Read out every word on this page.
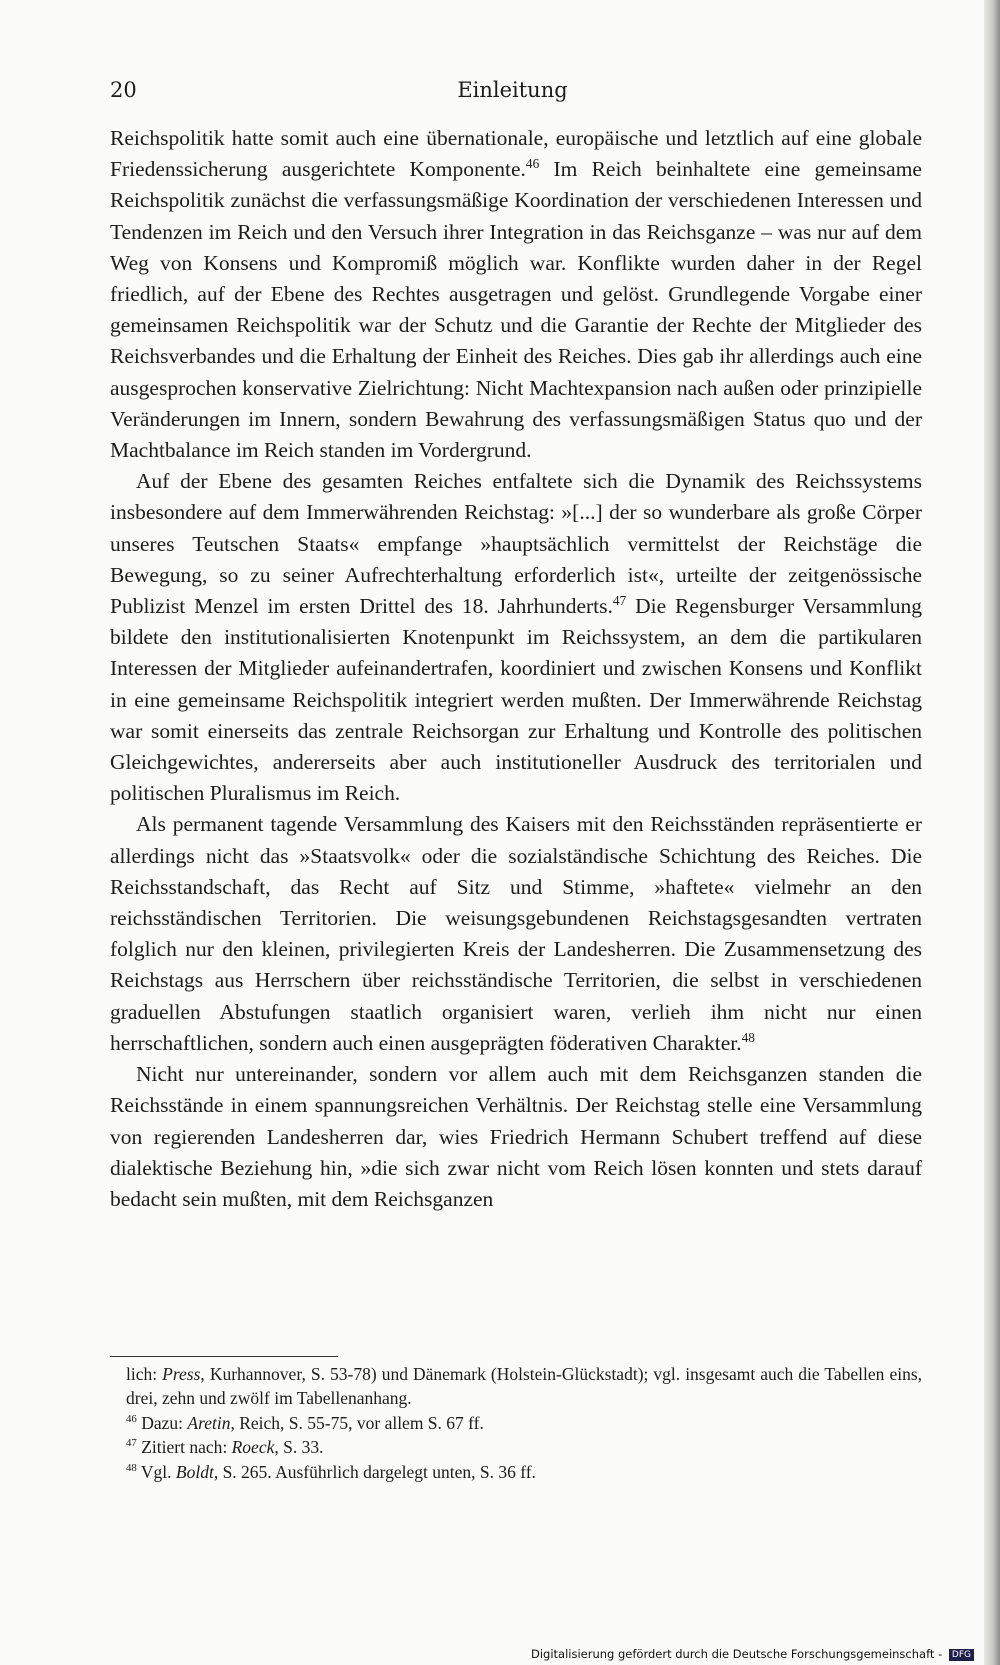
20	Einleitung

Reichspolitik hatte somit auch eine übernationale, europäische und letztlich auf eine globale Friedenssicherung ausgerichtete Komponente.$^{46}$ Im Reich beinhaltete eine gemeinsame Reichspolitik zunächst die verfassungsmäßige Koordination der verschiedenen Interessen und Tendenzen im Reich und den Versuch ihrer Integration in das Reichsganze – was nur auf dem Weg von Konsens und Kompromiß möglich war. Konflikte wurden daher in der Regel friedlich, auf der Ebene des Rechtes ausgetragen und gelöst. Grundlegende Vorgabe einer gemeinsamen Reichspolitik war der Schutz und die Garantie der Rechte der Mitglieder des Reichsverbandes und die Erhaltung der Einheit des Reiches. Dies gab ihr allerdings auch eine ausgesprochen konservative Zielrichtung: Nicht Machtexpansion nach außen oder prinzipielle Veränderungen im Innern, sondern Bewahrung des verfassungsmäßigen Status quo und der Machtbalance im Reich standen im Vordergrund.

Auf der Ebene des gesamten Reiches entfaltete sich die Dynamik des Reichssystems insbesondere auf dem Immerwährenden Reichstag: »[...] der so wunderbare als große Cörper unseres Teutschen Staats« empfange »hauptsächlich vermittelst der Reichstäge die Bewegung, so zu seiner Aufrechterhaltung erforderlich ist«, urteilte der zeitgenössische Publizist Menzel im ersten Drittel des 18. Jahrhunderts.$^{47}$ Die Regensburger Versammlung bildete den institutionalisierten Knotenpunkt im Reichssystem, an dem die partikularen Interessen der Mitglieder aufeinandertrafen, koordiniert und zwischen Konsens und Konflikt in eine gemeinsame Reichspolitik integriert werden mußten. Der Immerwährende Reichstag war somit einerseits das zentrale Reichsorgan zur Erhaltung und Kontrolle des politischen Gleichgewichtes, andererseits aber auch institutioneller Ausdruck des territorialen und politischen Pluralismus im Reich.

Als permanent tagende Versammlung des Kaisers mit den Reichsständen repräsentierte er allerdings nicht das »Staatsvolk« oder die sozialständische Schichtung des Reiches. Die Reichsstandschaft, das Recht auf Sitz und Stimme, »haftete« vielmehr an den reichsständischen Territorien. Die weisungsgebundenen Reichstagsgesandten vertraten folglich nur den kleinen, privilegierten Kreis der Landesherren. Die Zusammensetzung des Reichstags aus Herrschern über reichsständische Territorien, die selbst in verschiedenen graduellen Abstufungen staatlich organisiert waren, verlieh ihm nicht nur einen herrschaftlichen, sondern auch einen ausgeprägten föderativen Charakter.$^{48}$

Nicht nur untereinander, sondern vor allem auch mit dem Reichsganzen standen die Reichsstände in einem spannungsreichen Verhältnis. Der Reichstag stelle eine Versammlung von regierenden Landesherren dar, wies Friedrich Hermann Schubert treffend auf diese dialektische Beziehung hin, »die sich zwar nicht vom Reich lösen konnten und stets darauf bedacht sein mußten, mit dem Reichsganzen

lich: Press, Kurhannover, S. 53-78) und Dänemark (Holstein-Glückstadt); vgl. insgesamt auch die Tabellen eins, drei, zehn und zwölf im Tabellenanhang.
$^{46}$ Dazu: Aretin, Reich, S. 55-75, vor allem S. 67 ff.
$^{47}$ Zitiert nach: Roeck, S. 33.
$^{48}$ Vgl. Boldt, S. 265. Ausführlich dargelegt unten, S. 36 ff.
Digitalisierung gefördert durch die Deutsche Forschungsgemeinschaft - DFG
